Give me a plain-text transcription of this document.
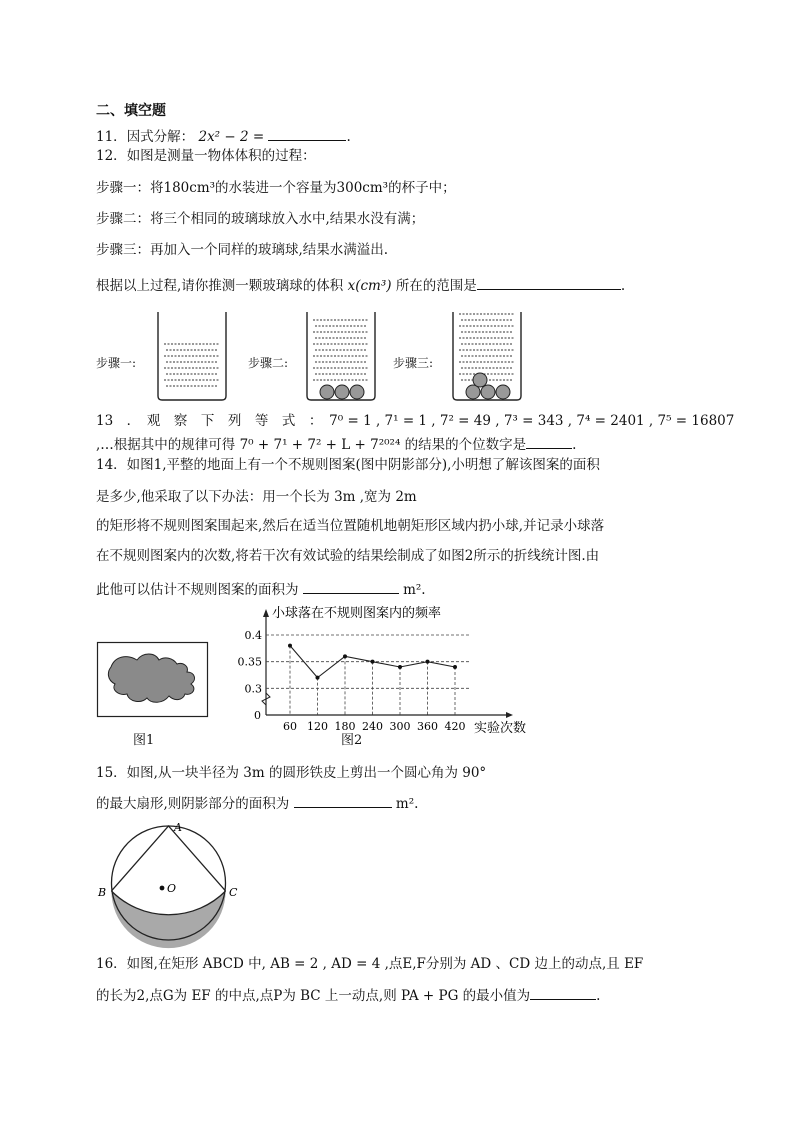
二、填空题
11．因式分解： 2x² − 2 =	.
12．如图是测量一物体体积的过程：
步骤一：将180cm³的水装进一个容量为300cm³的杯子中；
步骤二：将三个相同的玻璃球放入水中,结果水没有满；
步骤三：再加入一个同样的玻璃球,结果水满溢出.
根据以上过程,请你推测一颗玻璃球的体积 x(cm³) 所在的范围是	.
步骤一:	步骤二:	步骤三:
13　．　观　察　下　列　等　式　：　7⁰ = 1 , 7¹ = 1 , 7² = 49 , 7³ = 343 , 7⁴ = 2401 , 7⁵ = 16807
,…根据其中的规律可得 7⁰ + 7¹ + 7² + L + 7²⁰²⁴ 的结果的个位数字是	.
14．如图1,平整的地面上有一个不规则图案(图中阴影部分),小明想了解该图案的面积
是多少,他采取了以下办法：用一个长为 3m ,宽为 2m
的矩形将不规则图案围起来,然后在适当位置随机地朝矩形区域内扔小球,并记录小球落
在不规则图案内的次数,将若干次有效试验的结果绘制成了如图2所示的折线统计图.由
此他可以估计不规则图案的面积为	m².
图1
0.4
0.35
0.3
0
60 120 180 240 300 360 420
小球落在不规则图案内的频率
实验次数
图2
15．如图,从一块半径为 3m 的圆形铁皮上剪出一个圆心角为 90°
的最大扇形,则阴影部分的面积为	m².
A
B	C
O
16．如图,在矩形 ABCD 中, AB = 2 , AD = 4 ,点E,F分别为 AD 、CD 边上的动点,且 EF
的长为2,点G为 EF 的中点,点P为 BC 上一动点,则 PA + PG 的最小值为	.
